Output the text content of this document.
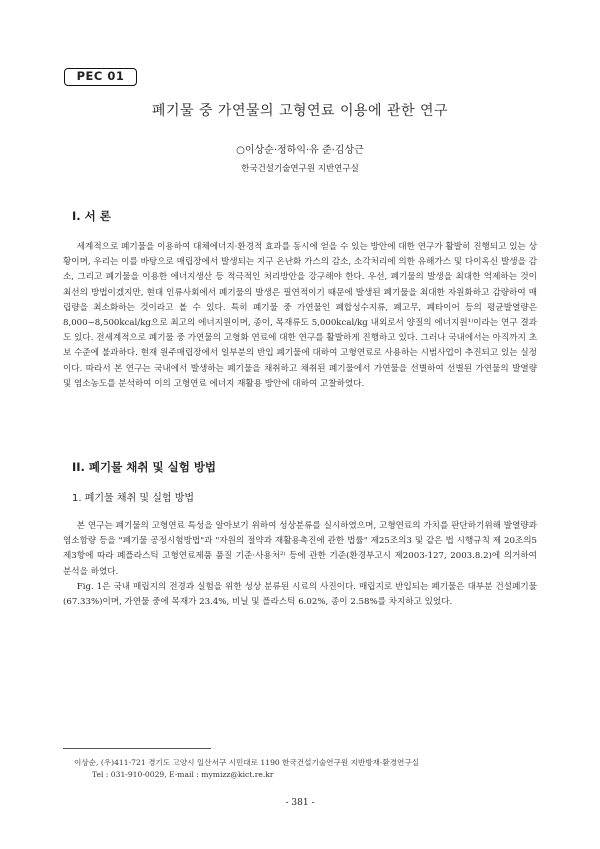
PEC 01
폐기물 중 가연물의 고형연료 이용에 관한 연구
○이상순·정하익·유 준·김상근
한국건설기술연구원 지반연구실
I. 서 론

세계적으로 폐기물을 이용하여 대체에너지·환경적 효과를 동시에 얻을 수 있는 방안에 대한 연구가 활발히 진행되고 있는 상황이며, 우리는 이를 바탕으로 매립장에서 발생되는 지구 온난화 가스의 감소, 소각처리에 의한 유해가스 및 다이옥신 발생을 감소, 그리고 폐기물을 이용한 에너지생산 등 적극적인 처리방안을 강구해야 한다. 우선, 폐기물의 발생을 최대한 억제하는 것이 최선의 방법이겠지만, 현대 인류사회에서 폐기물의 발생은 필연적이기 때문에 발생된 폐기물을 최대한 자원화하고 감량하여 매립량을 최소화하는 것이라고 볼 수 있다. 특히 폐기물 중 가연물인 폐합성수지류, 폐고무, 폐타이어 등의 평균발열량은 8,000~8,500kcal/kg으로 최고의 에너지원이며, 종이, 목재류도 5,000kcal/kg 내외로서 양질의 에너지원¹⁾이라는 연구 결과도 있다. 전세계적으로 폐기물 중 가연물의 고형화 연료에 대한 연구를 활발하게 진행하고 있다. 그러나 국내에서는 아직까지 초보 수준에 불과하다. 현재 원주매립장에서 일부분의 반입 폐기물에 대하여 고형연료로 사용하는 시범사업이 추진되고 있는 실정이다. 따라서 본 연구는 국내에서 발생하는 폐기물을 채취하고 채취된 폐기물에서 가연물을 선별하여 선별된 가연물의 발열량 및 염소농도를 분석하여 이의 고형연료 에너지 재활용 방안에 대하여 고찰하였다.

II. 폐기물 채취 및 실험 방법
1. 폐기물 채취 및 실험 방법

본 연구는 폐기물의 고형연료 특성을 알아보기 위하여 성상분류를 실시하였으며, 고형연료의 가치를 판단하기위해 발열량과 염소함량 등을 "폐기물 공정시험방법"과 "자원의 절약과 재활용촉진에 관한 법률" 제25조의3 및 같은 법 시행규칙 제 20조의5제3항에 따라 폐플라스틱 고형연료제품 품질 기준·사용처²⁾ 등에 관한 기준(환경부고시 제2003-127, 2003.8.2)에 의거하여 분석을 하였다.

Fig. 1은 국내 매립지의 전경과 실험을 위한 성상 분류된 시료의 사진이다. 매립지로 반입되는 폐기물은 대부분 건설폐기물(67.33%)이며, 가연물 중에 목재가 23.4%, 비닐 및 플라스틱 6.02%, 종이 2.58%를 차지하고 있었다.

이상순, (우)411-721 경기도 고양시 일산서구 시민대로 1190 한국건설기술연구원 지반방재·환경연구실
Tel : 031-910-0029, E-mail : mymizz@kict.re.kr
- 381 -
